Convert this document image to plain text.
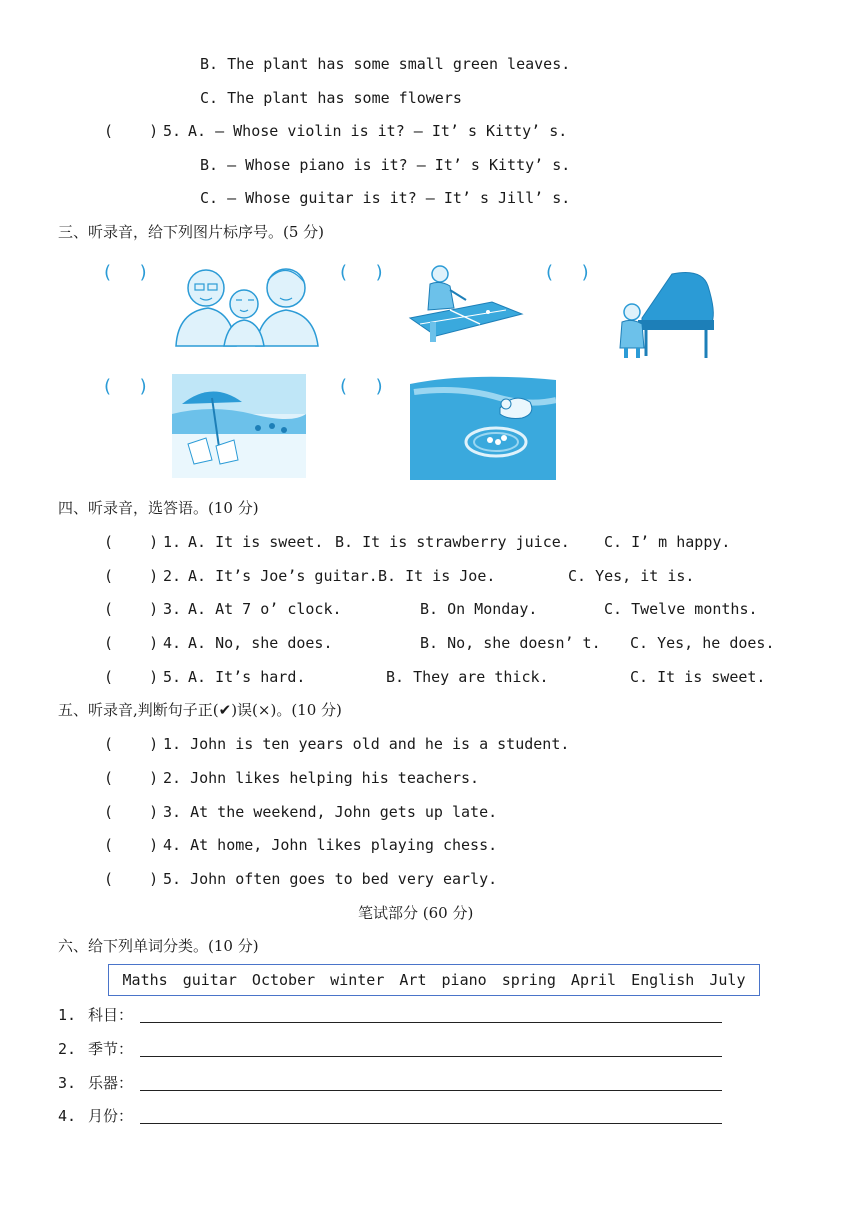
B. The plant has some small green leaves.
C. The plant has some flowers
(    ) 5. A. — Whose violin is it? — It’ s Kitty’ s.
B. — Whose piano is it? — It’ s Kitty’ s.
C. — Whose guitar is it? — It’ s Jill’ s.
三、听录音，给下列图片标序号。(5 分)
(     )	(     )	(     )
(     )	(     )
四、听录音，选答语。(10 分)
(    ) 1. A. It is sweet. B. It is strawberry juice. C. I’ m happy.
(    ) 2. A. It’s Joe’s guitar. B. It is Joe.	C. Yes, it is.
(    ) 3. A. At 7 o’ clock.	B. On Monday.	C. Twelve months.
(    ) 4. A. No, she does.	B. No, she doesn’ t. C. Yes, he does.
(    ) 5. A. It’s hard.	B. They are thick.	C. It is sweet.
五、听录音,判断句子正(✔)误(×)。(10 分)
(    ) 1. John is ten years old and he is a student.
(    ) 2. John likes helping his teachers.
(    ) 3. At the weekend, John gets up late.
(    ) 4. At home, John likes playing chess.
(    ) 5. John often goes to bed very early.
笔试部分 (60 分)
六、给下列单词分类。(10 分)
Maths guitar October winter Art piano spring April English July
1. 科目：
2. 季节：
3. 乐器：
4. 月份：
